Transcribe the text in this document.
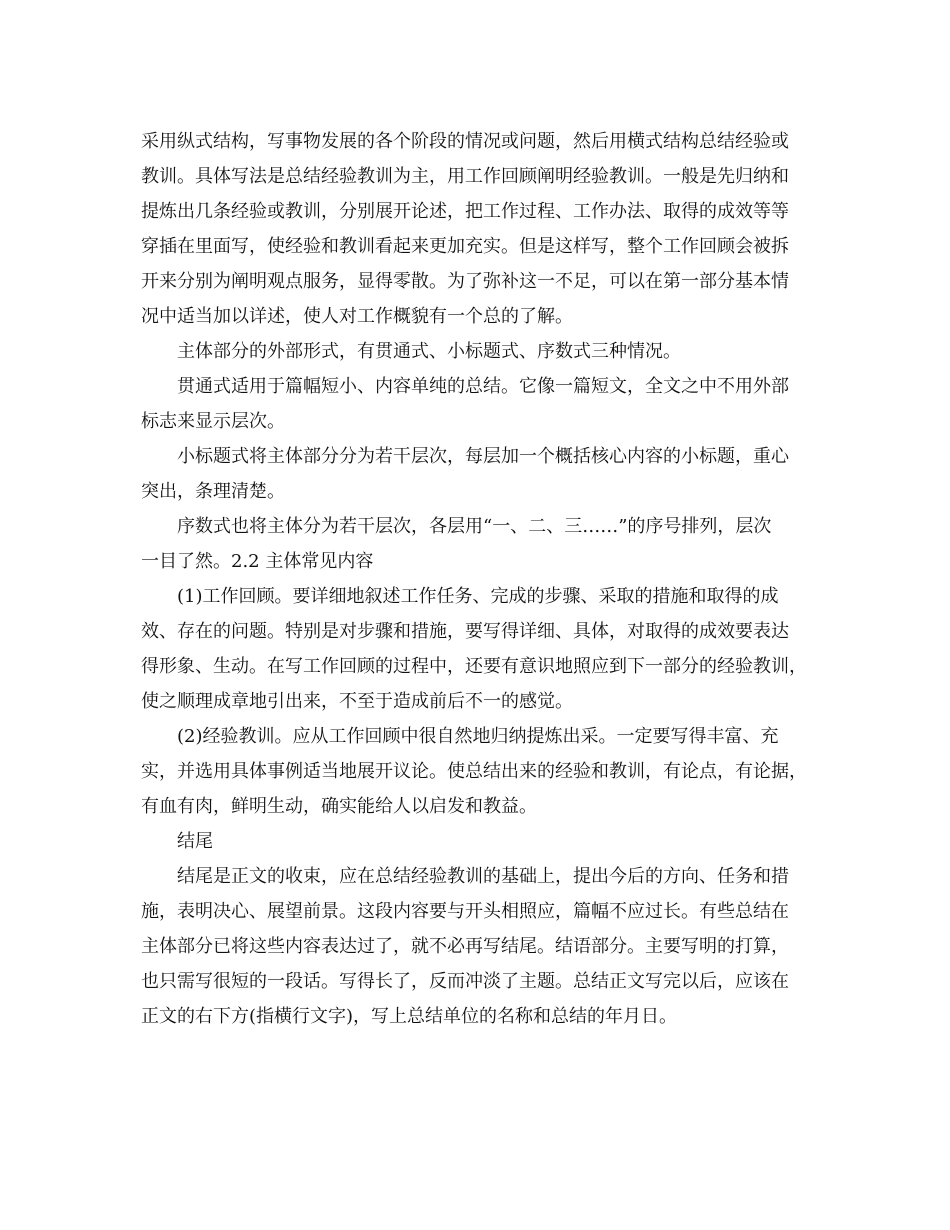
采用纵式结构，写事物发展的各个阶段的情况或问题，然后用横式结构总结经验或
教训。具体写法是总结经验教训为主，用工作回顾阐明经验教训。一般是先归纳和
提炼出几条经验或教训，分别展开论述，把工作过程、工作办法、取得的成效等等
穿插在里面写，使经验和教训看起来更加充实。但是这样写，整个工作回顾会被拆
开来分别为阐明观点服务，显得零散。为了弥补这一不足，可以在第一部分基本情
况中适当加以详述，使人对工作概貌有一个总的了解。
主体部分的外部形式，有贯通式、小标题式、序数式三种情况。
贯通式适用于篇幅短小、内容单纯的总结。它像一篇短文，全文之中不用外部
标志来显示层次。
小标题式将主体部分分为若干层次，每层加一个概括核心内容的小标题，重心
突出，条理清楚。
序数式也将主体分为若干层次，各层用“一、二、三……”的序号排列，层次
一目了然。2.2 主体常见内容
(1)工作回顾。要详细地叙述工作任务、完成的步骤、采取的措施和取得的成
效、存在的问题。特别是对步骤和措施，要写得详细、具体，对取得的成效要表达
得形象、生动。在写工作回顾的过程中，还要有意识地照应到下一部分的经验教训，
使之顺理成章地引出来，不至于造成前后不一的感觉。
(2)经验教训。应从工作回顾中很自然地归纳提炼出采。一定要写得丰富、充
实，并选用具体事例适当地展开议论。使总结出来的经验和教训，有论点，有论据，
有血有肉，鲜明生动，确实能给人以启发和教益。
结尾
结尾是正文的收束，应在总结经验教训的基础上，提出今后的方向、任务和措
施，表明决心、展望前景。这段内容要与开头相照应，篇幅不应过长。有些总结在
主体部分已将这些内容表达过了，就不必再写结尾。结语部分。主要写明的打算，
也只需写很短的一段话。写得长了，反而冲淡了主题。总结正文写完以后，应该在
正文的右下方(指横行文字)，写上总结单位的名称和总结的年月日。
